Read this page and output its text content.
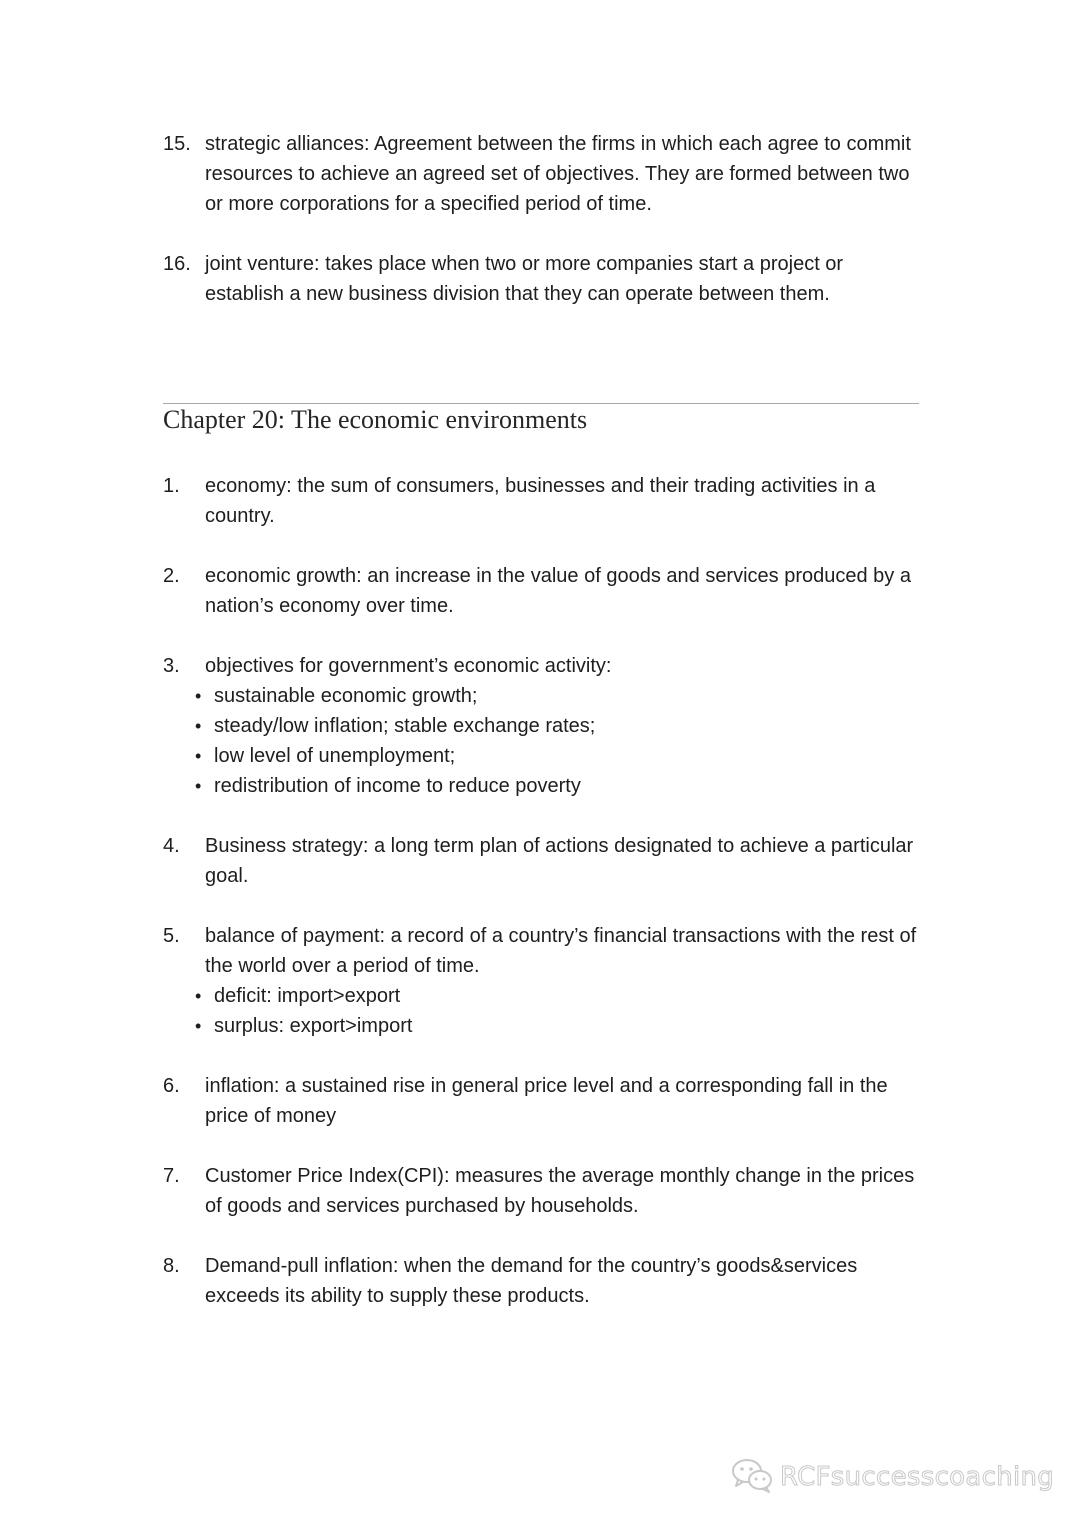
15. strategic alliances: Agreement between the firms in which each agree to commit resources to achieve an agreed set of objectives. They are formed between two or more corporations for a specified period of time.
16. joint venture: takes place when two or more companies start a project or establish a new business division that they can operate between them.
Chapter 20: The economic environments
1. economy: the sum of consumers, businesses and their trading activities in a country.
2. economic growth: an increase in the value of goods and services produced by a nation’s economy over time.
3. objectives for government’s economic activity:
• sustainable economic growth;
• steady/low inflation; stable exchange rates;
• low level of unemployment;
• redistribution of income to reduce poverty
4. Business strategy: a long term plan of actions designated to achieve a particular goal.
5. balance of payment: a record of a country’s financial transactions with the rest of the world over a period of time.
• deficit: import>export
• surplus: export>import
6. inflation: a sustained rise in general price level and a corresponding fall in the price of money
7. Customer Price Index(CPI): measures the average monthly change in the prices of goods and services purchased by households.
8. Demand-pull inflation: when the demand for the country’s goods&services exceeds its ability to supply these products.
RCFsuccesscoaching
